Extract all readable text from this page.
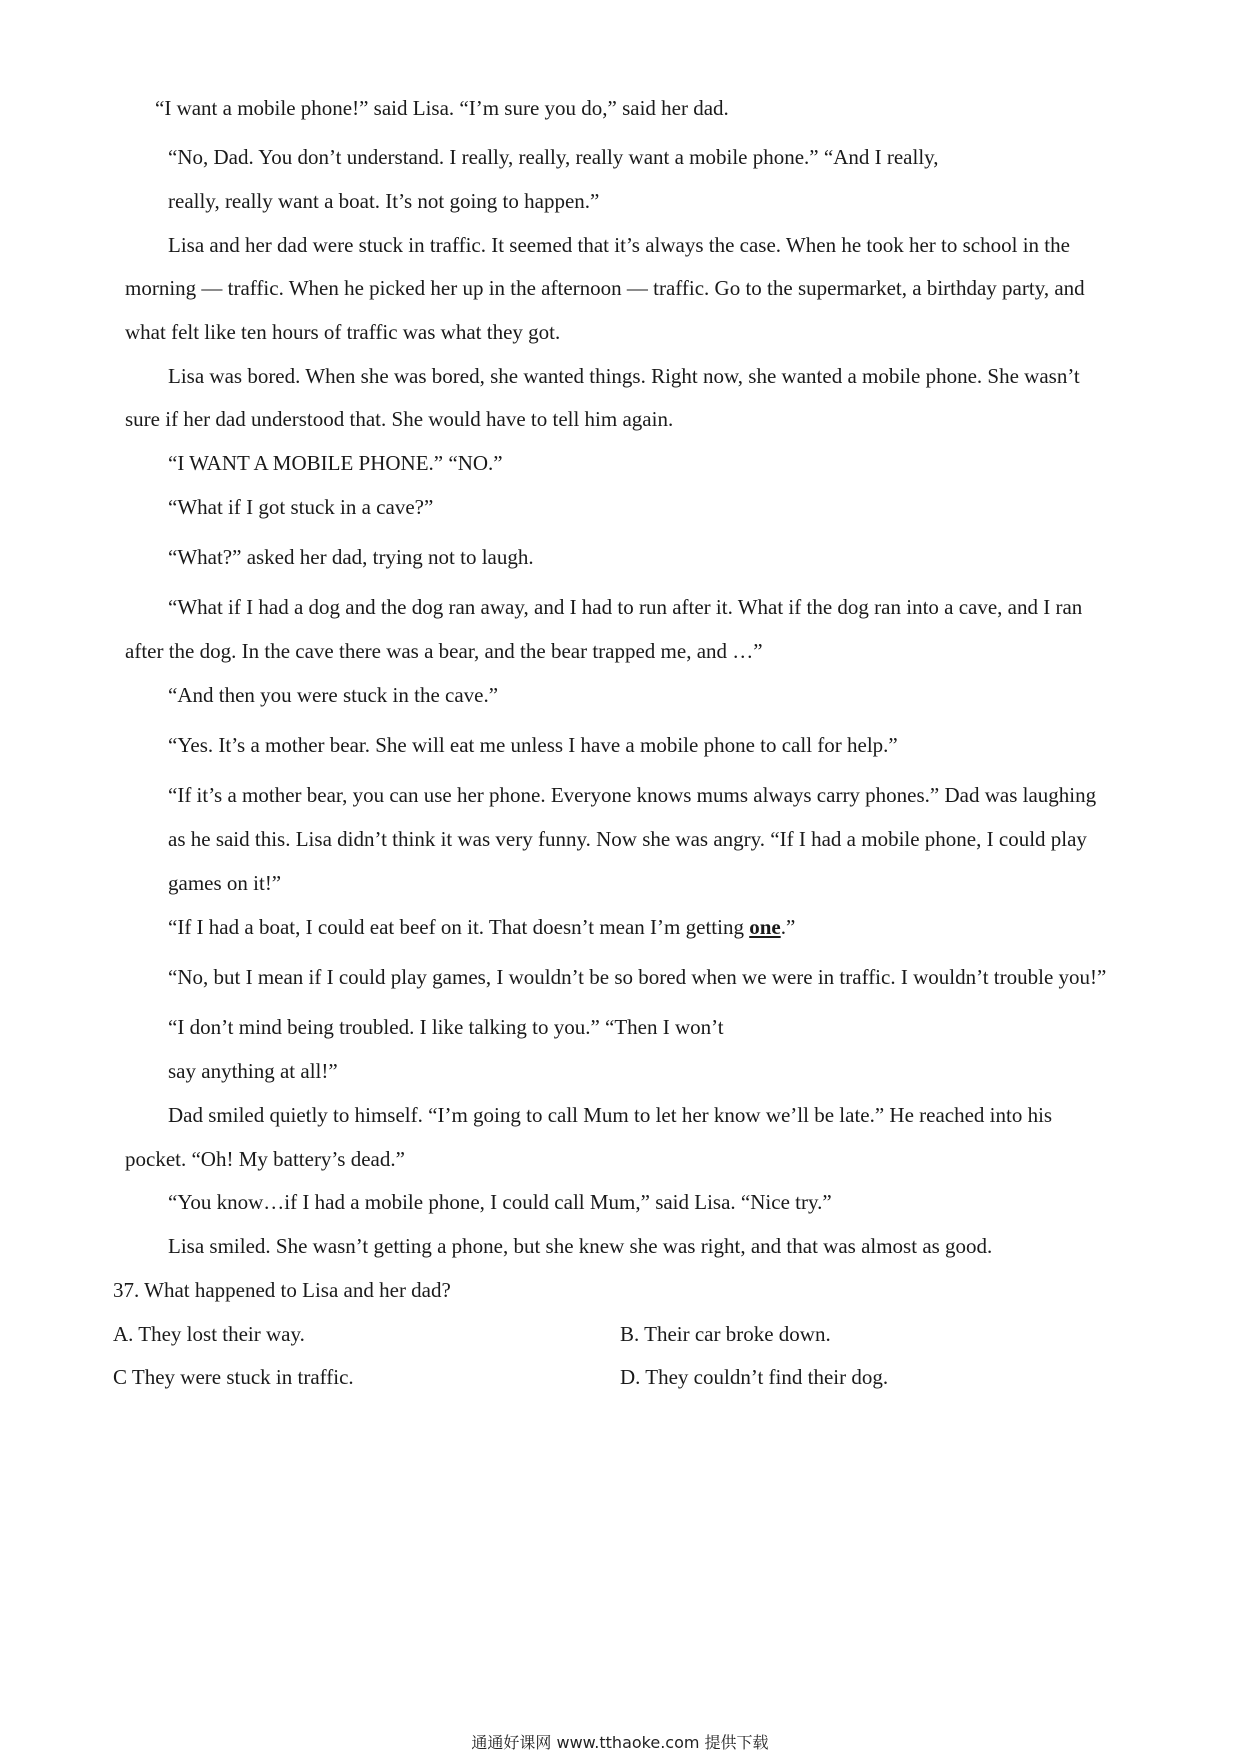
“I want a mobile phone!” said Lisa. “I’m sure you do,” said her dad.
“No, Dad. You don’t understand. I really, really, really want a mobile phone.” “And I really,
really, really want a boat. It’s not going to happen.”
Lisa and her dad were stuck in traffic. It seemed that it’s always the case. When he took her to school in the
morning — traffic. When he picked her up in the afternoon — traffic. Go to the supermarket, a birthday party, and
what felt like ten hours of traffic was what they got.
Lisa was bored. When she was bored, she wanted things. Right now, she wanted a mobile phone. She wasn’t
sure if her dad understood that. She would have to tell him again.
“I WANT A MOBILE PHONE.” “NO.”
“What if I got stuck in a cave?”
“What?” asked her dad, trying not to laugh.
“What if I had a dog and the dog ran away, and I had to run after it. What if the dog ran into a cave, and I ran
after the dog. In the cave there was a bear, and the bear trapped me, and …”
“And then you were stuck in the cave.”
“Yes. It’s a mother bear. She will eat me unless I have a mobile phone to call for help.”
“If it’s a mother bear, you can use her phone. Everyone knows mums always carry phones.” Dad was laughing
as he said this. Lisa didn’t think it was very funny. Now she was angry. “If I had a mobile phone, I could play
games on it!”
“If I had a boat, I could eat beef on it. That doesn’t mean I’m getting one.”
“No, but I mean if I could play games, I wouldn’t be so bored when we were in traffic. I wouldn’t trouble you!”
“I don’t mind being troubled. I like talking to you.” “Then I won’t
say anything at all!”
Dad smiled quietly to himself. “I’m going to call Mum to let her know we’ll be late.” He reached into his
pocket. “Oh! My battery’s dead.”
“You know…if I had a mobile phone, I could call Mum,” said Lisa. “Nice try.”
Lisa smiled. She wasn’t getting a phone, but she knew she was right, and that was almost as good.
37. What happened to Lisa and her dad?
A. They lost their way.	B. Their car broke down.
C They were stuck in traffic.	D. They couldn’t find their dog.
通通好课网 www.tthaoke.com 提供下载
